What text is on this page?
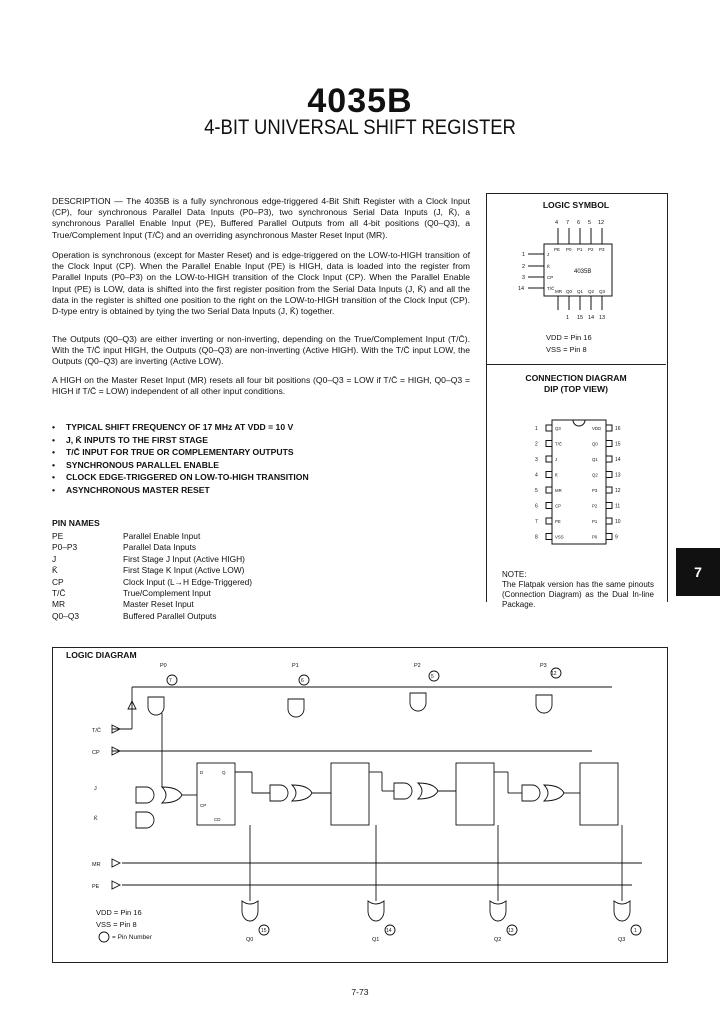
4035B
4-BIT UNIVERSAL SHIFT REGISTER
DESCRIPTION — The 4035B is a fully synchronous edge-triggered 4-Bit Shift Register with a Clock Input (CP), four synchronous Parallel Data Inputs (P0–P3), two synchronous Serial Data Inputs (J, K̄), a synchronous Parallel Enable Input (PE), Buffered Parallel Outputs from all 4-bit positions (Q0–Q3), a True/Complement Input (T/C̄) and an overriding asynchronous Master Reset Input (MR).
Operation is synchronous (except for Master Reset) and is edge-triggered on the LOW-to-HIGH transition of the Clock Input (CP). When the Parallel Enable Input (PE) is HIGH, data is loaded into the register from Parallel Inputs (P0–P3) on the LOW-to-HIGH transition of the Clock Input (CP). When the Parallel Enable Input (PE) is LOW, data is shifted into the first register position from the Serial Data Inputs (J, K̄) and all the data in the register is shifted one position to the right on the LOW-to-HIGH transition of the Clock Input (CP). D-type entry is obtained by tying the two Serial Data Inputs (J, K̄) together.
The Outputs (Q0–Q3) are either inverting or non-inverting, depending on the True/Complement Input (T/C̄). With the T/C̄ input HIGH, the Outputs (Q0–Q3) are non-inverting (Active HIGH). With the T/C̄ input LOW, the Outputs (Q0–Q3) are inverting (Active LOW).
A HIGH on the Master Reset Input (MR) resets all four bit positions (Q0–Q3 = LOW if T/C̄ = HIGH, Q0–Q3 = HIGH if T/C̄ = LOW) independent of all other input conditions.
• TYPICAL SHIFT FREQUENCY OF 17 MHz AT VDD = 10 V
• J, K̄ INPUTS TO THE FIRST STAGE
• T/C̄ INPUT FOR TRUE OR COMPLEMENTARY OUTPUTS
• SYNCHRONOUS PARALLEL ENABLE
• CLOCK EDGE-TRIGGERED ON LOW-TO-HIGH TRANSITION
• ASYNCHRONOUS MASTER RESET
PIN NAMES
PE	Parallel Enable Input
P0–P3	Parallel Data Inputs
J	First Stage J Input (Active HIGH)
K̄	First Stage K Input (Active LOW)
CP	Clock Input (L→H Edge-Triggered)
T/C̄	True/Complement Input
MR	Master Reset Input
Q0–Q3	Buffered Parallel Outputs
LOGIC SYMBOL
4035B
4 7 6 5 12
PE P0 P1 P2 P3
1
2
3
14
J
K̄
CP
T/C̄
MR Q0 Q1 Q2 Q3
1 15 14 13
VDD = Pin 16
VSS = Pin 8
CONNECTION DIAGRAM
DIP (TOP VIEW)
1	Q3
2	T/C̄
3	J
4	K̄
5	MR
6	CP
7	PE
8	VSS
16
VDD
15
Q0
14
Q1
13
Q2
12
P3
11
P2
10
P1
9
P0
NOTE:
The Flatpak version has the same pinouts (Connection Diagram) as the Dual In-line Package.
7
LOGIC DIAGRAM
T/C̄
CP
J
K̄
MR
PE
P0	P1	P2	P3
7	6
5	12
D	Q
CP
CD
15	14	13	1
Q0	Q1	Q2	Q3
VDD = Pin 16
VSS = Pin 8
= Pin Number
7-73
